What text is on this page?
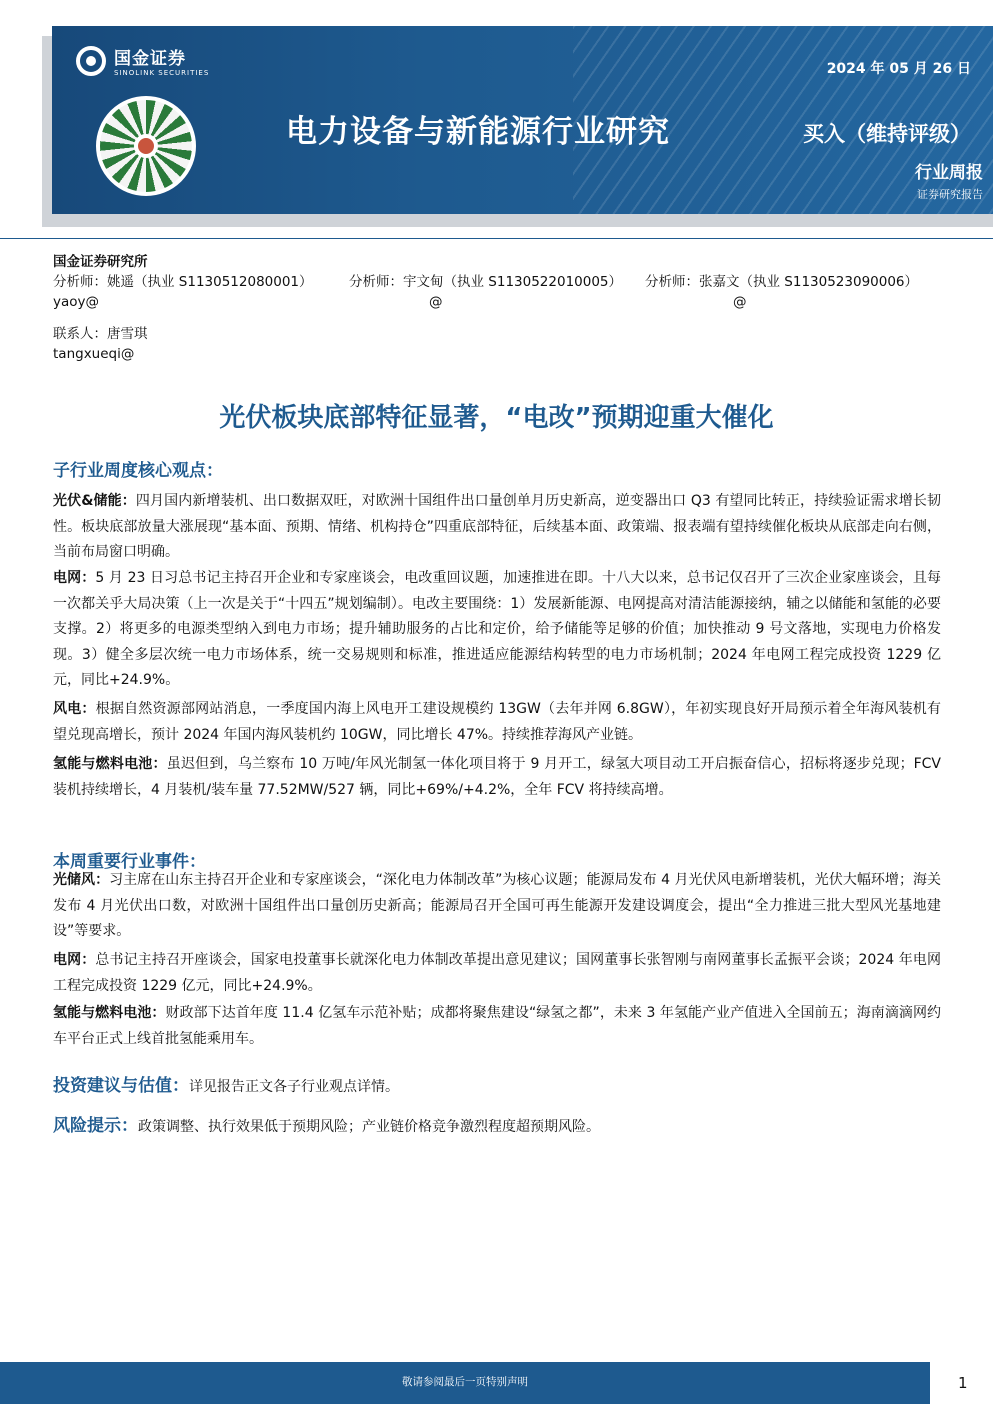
国金证券
SINOLINK SECURITIES	2024 年 05 月 26 日
电力设备与新能源行业研究	买入（维持评级）
行业周报
证券研究报告
国金证券研究所
分析师：姚遥（执业 S1130512080001）	分析师：宇文甸（执业 S1130522010005）	分析师：张嘉文（执业 S1130523090006）
yaoy@	@	@
联系人：唐雪琪
tangxueqi@
光伏板块底部特征显著，“电改”预期迎重大催化
子行业周度核心观点：
光伏&储能：四月国内新增装机、出口数据双旺，对欧洲十国组件出口量创单月历史新高，逆变器出口 Q3 有望同比转正，持续验证需求增长韧性。板块底部放量大涨展现“基本面、预期、情绪、机构持仓”四重底部特征，后续基本面、政策端、报表端有望持续催化板块从底部走向右侧，当前布局窗口明确。
电网：5 月 23 日习总书记主持召开企业和专家座谈会，电改重回议题，加速推进在即。十八大以来，总书记仅召开了三次企业家座谈会，且每一次都关乎大局决策（上一次是关于“十四五”规划编制）。电改主要围绕：1）发展新能源、电网提高对清洁能源接纳，辅之以储能和氢能的必要支撑。2）将更多的电源类型纳入到电力市场；提升辅助服务的占比和定价，给予储能等足够的价值；加快推动 9 号文落地，实现电力价格发现。3）健全多层次统一电力市场体系，统一交易规则和标准，推进适应能源结构转型的电力市场机制；2024 年电网工程完成投资 1229 亿元，同比+24.9%。
风电：根据自然资源部网站消息，一季度国内海上风电开工建设规模约 13GW（去年并网 6.8GW），年初实现良好开局预示着全年海风装机有望兑现高增长，预计 2024 年国内海风装机约 10GW，同比增长 47%。持续推荐海风产业链。
氢能与燃料电池：虽迟但到，乌兰察布 10 万吨/年风光制氢一体化项目将于 9 月开工，绿氢大项目动工开启振奋信心，招标将逐步兑现；FCV 装机持续增长，4 月装机/装车量 77.52MW/527 辆，同比+69%/+4.2%，全年 FCV 将持续高增。
本周重要行业事件：
光储风：习主席在山东主持召开企业和专家座谈会，“深化电力体制改革”为核心议题；能源局发布 4 月光伏风电新增装机，光伏大幅环增；海关发布 4 月光伏出口数，对欧洲十国组件出口量创历史新高；能源局召开全国可再生能源开发建设调度会，提出“全力推进三批大型风光基地建设”等要求。
电网：总书记主持召开座谈会，国家电投董事长就深化电力体制改革提出意见建议；国网董事长张智刚与南网董事长孟振平会谈；2024 年电网工程完成投资 1229 亿元，同比+24.9%。
氢能与燃料电池：财政部下达首年度 11.4 亿氢车示范补贴；成都将聚焦建设“绿氢之都”，未来 3 年氢能产业产值进入全国前五；海南滴滴网约车平台正式上线首批氢能乘用车。
投资建议与估值：详见报告正文各子行业观点详情。
风险提示：政策调整、执行效果低于预期风险；产业链价格竞争激烈程度超预期风险。
敬请参阅最后一页特别声明	1
